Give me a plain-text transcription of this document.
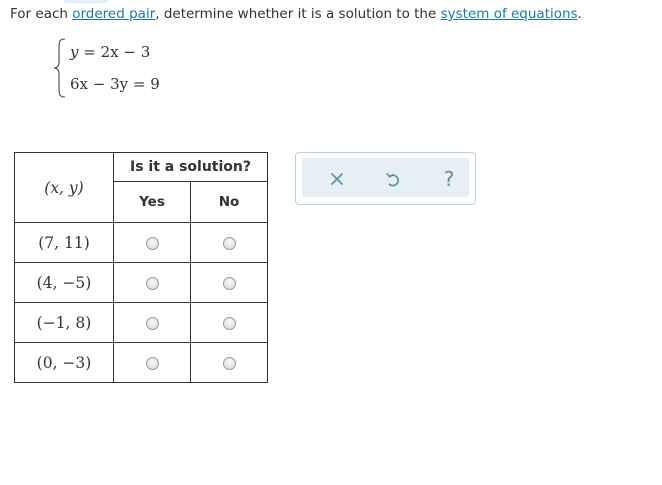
For each ordered pair, determine whether it is a solution to the system of equations.
y = 2x − 3
6x − 3y = 9
(x, y)	Is it a solution?	
	Yes	No
(7, 11)		
(4, −5)		
(−1, 8)		
(0, −3)		
?
